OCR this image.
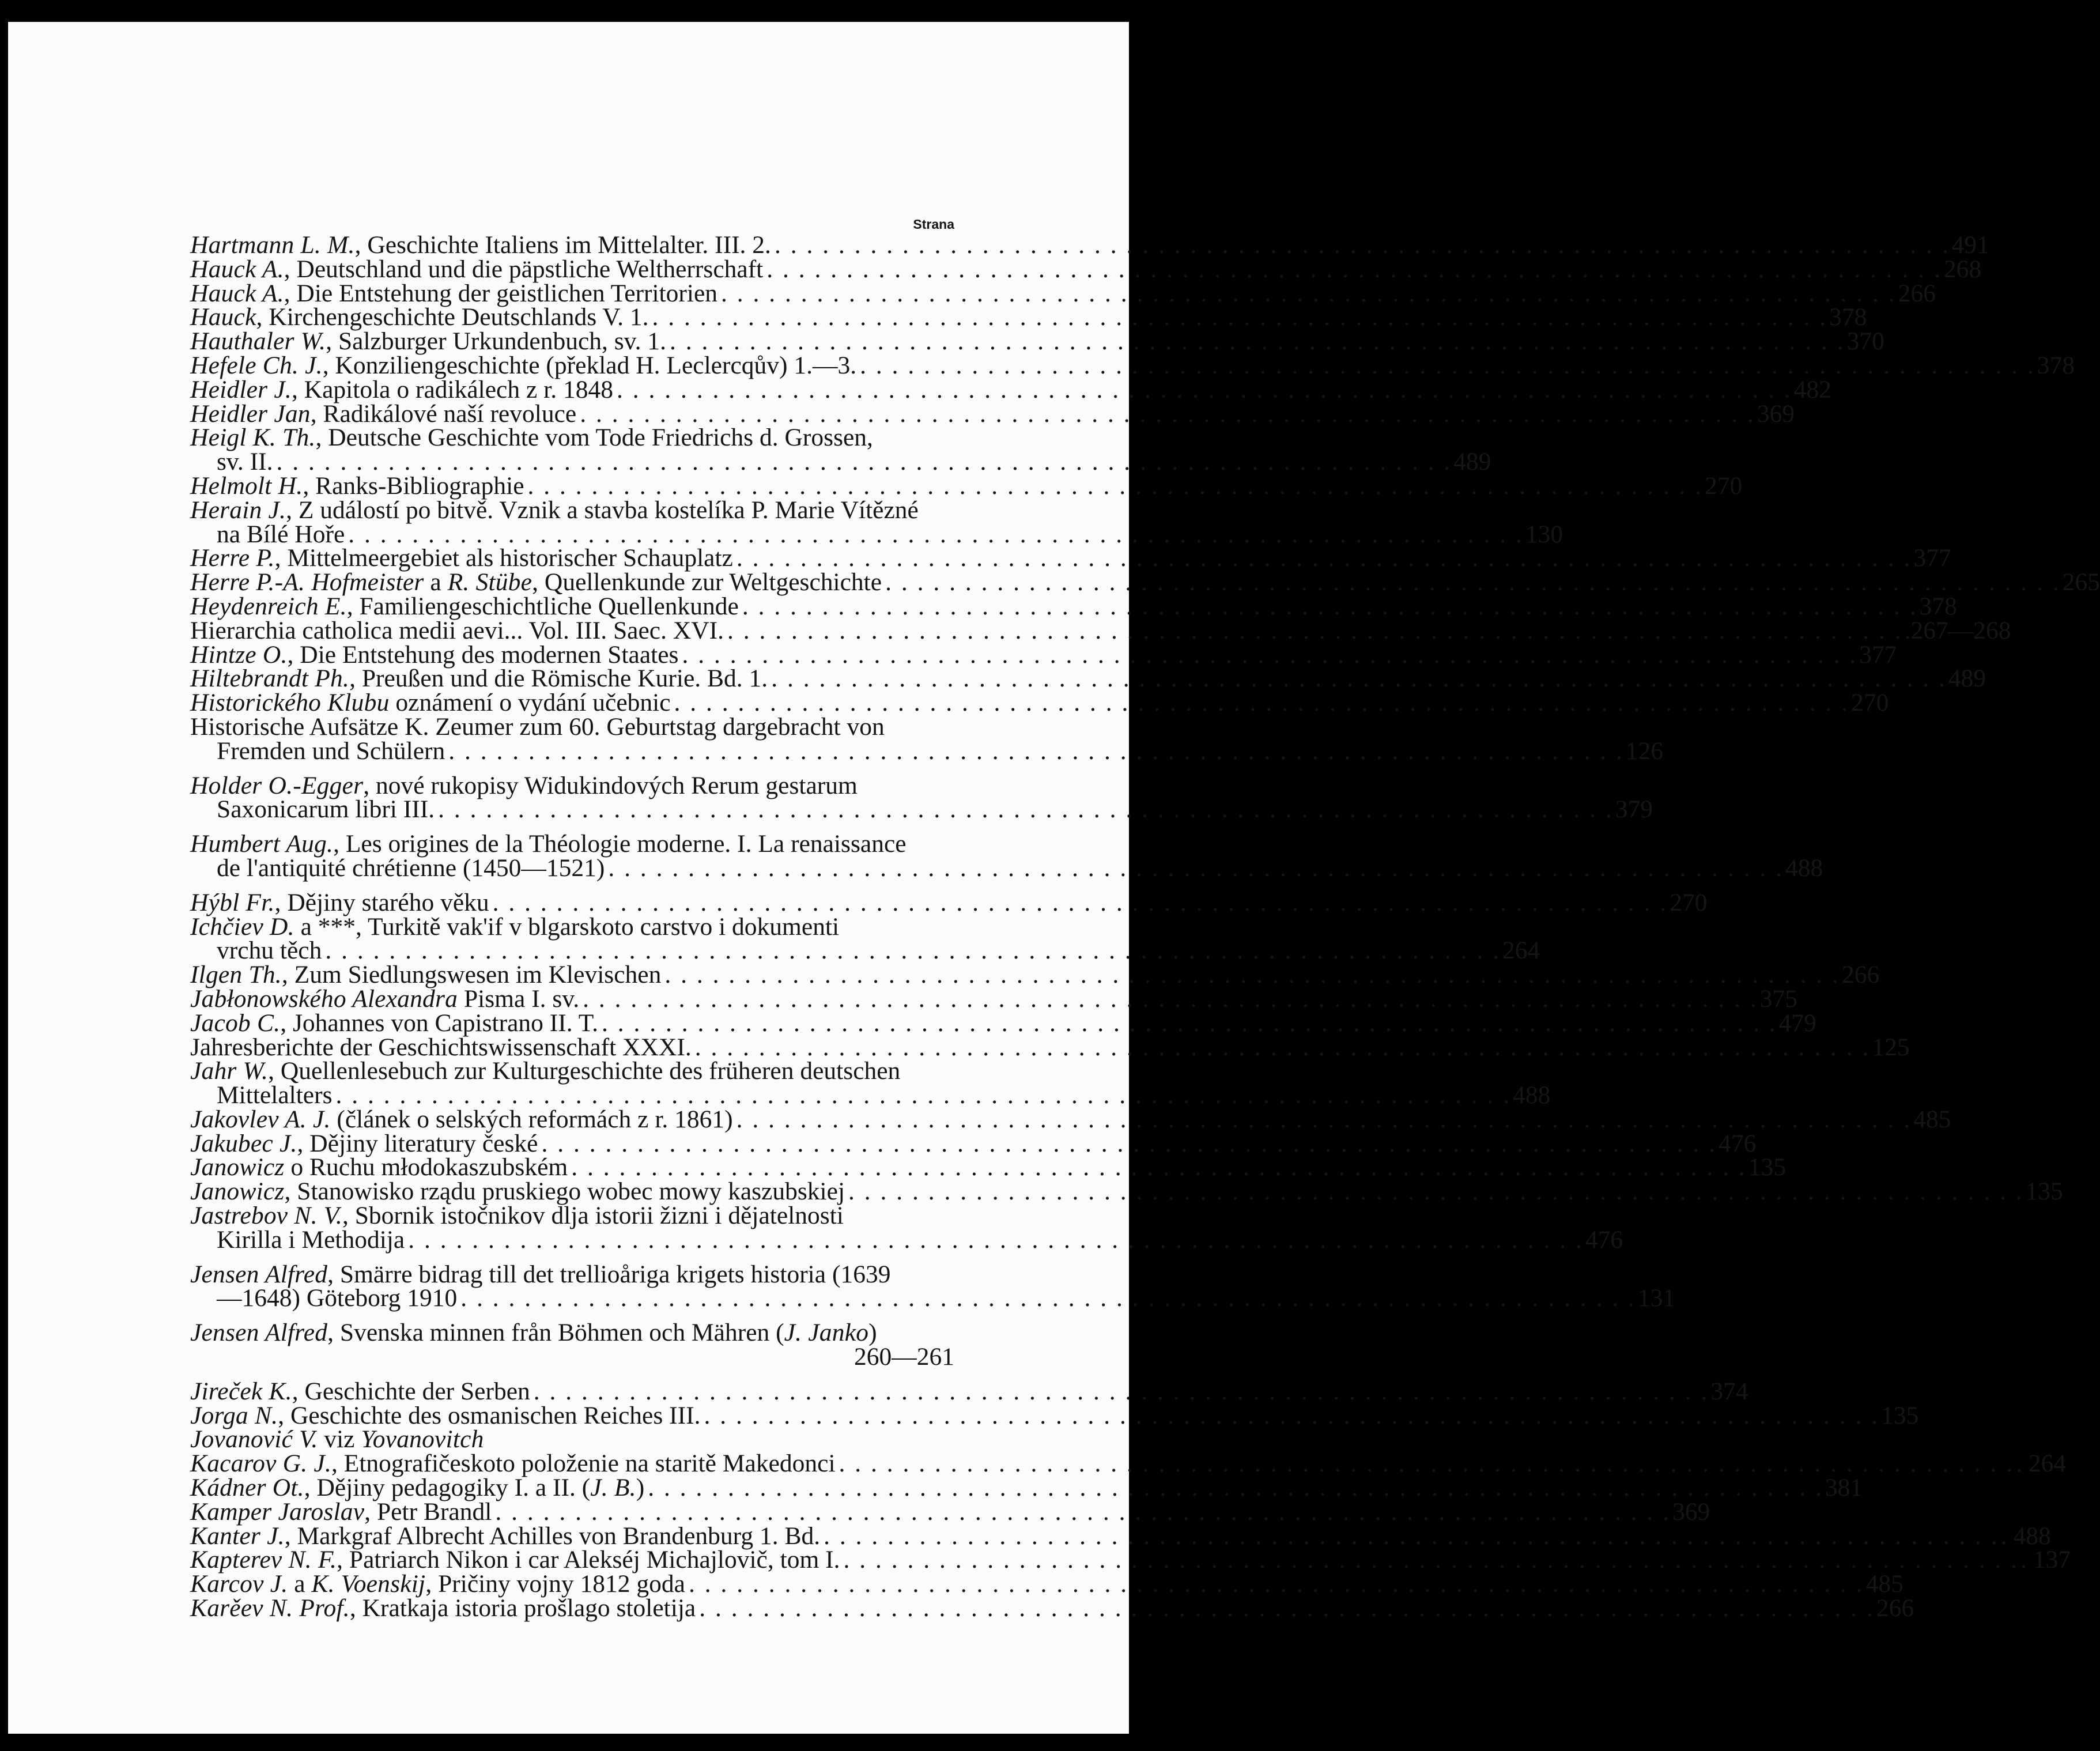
Strana
Hartmann L. M., Geschichte Italiens im Mittelalter. III. 2. . . .	491
Hauck A., Deutschland und die päpstliche Weltherrschaft . . .	268
Hauck A., Die Entstehung der geistlichen Territorien . . .	266
Hauck, Kirchengeschichte Deutschlands V. 1. . . .	378
Hauthaler W., Salzburger Urkundenbuch, sv. 1. . . .	370
Hefele Ch. J., Konziliengeschichte (překlad H. Leclercqův) 1.—3. . . .	378
Heidler J., Kapitola o radikálech z r. 1848 . . .	482
Heidler Jan, Radikálové naší revoluce . . .	369
Heigl K. Th., Deutsche Geschichte vom Tode Friedrichs d. Grossen,
sv. II. . . .	489
Helmolt H., Ranks-Bibliographie . . .	270
Herain J., Z událostí po bitvě. Vznik a stavba kostelíka P. Marie Vítězné
na Bílé Hoře . . .	130
Herre P., Mittelmeergebiet als historischer Schauplatz . . .	377
Herre P.-A. Hofmeister a R. Stübe, Quellenkunde zur Weltgeschichte . . .	265
Heydenreich E., Familiengeschichtliche Quellenkunde . . .	378
Hierarchia catholica medii aevi... Vol. III. Saec. XVI. . . .	.267—268
Hintze O., Die Entstehung des modernen Staates . . .	377
Hiltebrandt Ph., Preußen und die Römische Kurie. Bd. 1. . . .	489
Historického Klubu oznámení o vydání učebnic . . .	270
Historische Aufsätze K. Zeumer zum 60. Geburtstag dargebracht von
Fremden und Schülern . . .	126
Holder O.-Egger, nové rukopisy Widukindových Rerum gestarum
Saxonicarum libri III. . . .	379
Humbert Aug., Les origines de la Théologie moderne. I. La renaissance
de l'antiquité chrétienne (1450—1521) . . .	488
Hýbl Fr., Dějiny starého věku . . .	270
Ichčiev D. a ***, Turkitě vak'if v blgarskoto carstvo i dokumenti
vrchu těch . . .	264
Ilgen Th., Zum Siedlungswesen im Klevischen . . .	266
Jabłonowského Alexandra Pisma I. sv. . . .	375
Jacob C., Johannes von Capistrano II. T. . . .	479
Jahresberichte der Geschichtswissenschaft XXXI. . . .	125
Jahr W., Quellenlesebuch zur Kulturgeschichte des früheren deutschen
Mittelalters . . .	488
Jakovlev A. J. (článek o selských reformách z r. 1861) . . .	485
Jakubec J., Dějiny literatury české . . .	476
Janowicz o Ruchu młodokaszubském . . .	135
Janowicz, Stanowisko rządu pruskiego wobec mowy kaszubskiej . . .	135
Jastrebov N. V., Sbornik istočnikov dlja istorii žizni i dějatelnosti
Kirilla i Methodija . . .	476
Jensen Alfred, Smärre bidrag till det trellioåriga krigets historia (1639
—1648) Göteborg 1910 . . .	131
Jensen Alfred, Svenska minnen från Böhmen och Mähren (J. Janko)
260—261
Jireček K., Geschichte der Serben . . .	374
Jorga N., Geschichte des osmanischen Reiches III. . . .	135
Jovanović V. viz Yovanovitch
Kacarov G. J., Etnografičeskoto položenie na staritě Makedonci . . .	. 264
Kádner Ot., Dějiny pedagogiky I. a II. (J. B.) . . .	381
Kamper Jaroslav, Petr Brandl . . .	369
Kanter J., Markgraf Albrecht Achilles von Brandenburg 1. Bd. . . .	. 488
Kapterev N. F., Patriarch Nikon i car Alekséj Michajlovič, tom I. . . .	. 137
Karcov J. a K. Voenskij, Pričiny vojny 1812 goda . . .	485
Karěev N. Prof., Kratkaja istoria prošlago stoletija . . .	266
